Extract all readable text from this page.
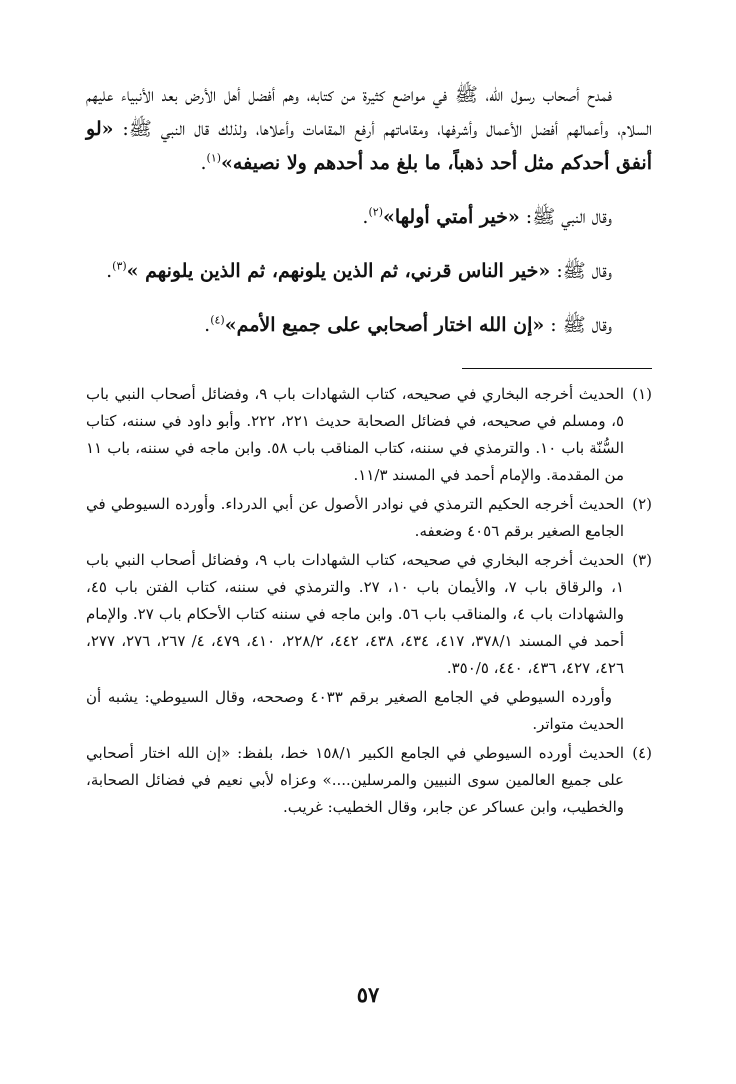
فمدح أصحاب رسول الله، ﷺ في مواضع كثيرة من كتابه، وهم أفضل أهل الأرض بعد الأنبياء عليهم السلام، وأعمالهم أفضل الأعمال وأشرفها، ومقاماتهم أرفع المقامات وأعلاها، ولذلك قال النبي ﷺ: «لو أنفق أحدكم مثل أحد ذهباً، ما بلغ مد أحدهم ولا نصيفه»$^{(١)}$.

وقال النبي ﷺ: «خير أمتي أولها»$^{(٢)}$.

وقال ﷺ: «خير الناس قرني، ثم الذين يلونهم، ثم الذين يلونهم »$^{(٣)}$.

وقال ﷺ : «إن الله اختار أصحابي على جميع الأمم»$^{(٤)}$.

(١)الحديث أخرجه البخاري في صحيحه، كتاب الشهادات باب ٩، وفضائل أصحاب النبي باب ٥، ومسلم في صحيحه، في فضائل الصحابة حديث ٢٢١، ٢٢٢. وأبو داود في سننه، كتاب السُّنّة باب ١٠. والترمذي في سننه، كتاب المناقب باب ٥٨. وابن ماجه في سننه، باب ١١ من المقدمة. والإمام أحمد في المسند ١١/٣.

(٢)الحديث أخرجه الحكيم الترمذي في نوادر الأصول عن أبي الدرداء. وأورده السيوطي في الجامع الصغير برقم ٤٠٥٦ وضعفه.

(٣)الحديث أخرجه البخاري في صحيحه، كتاب الشهادات باب ٩، وفضائل أصحاب النبي باب ١، والرقاق باب ٧، والأيمان باب ١٠، ٢٧. والترمذي في سننه، كتاب الفتن باب ٤٥، والشهادات باب ٤، والمناقب باب ٥٦. وابن ماجه في سننه كتاب الأحكام باب ٢٧. والإمام أحمد في المسند ٣٧٨/١، ٤١٧، ٤٣٤، ٤٣٨، ٤٤٢، ٢٢٨/٢، ٤١٠، ٤٧٩، ٤/ ٢٦٧، ٢٧٦، ٢٧٧، ٤٢٦، ٤٢٧، ٤٣٦، ٤٤٠، ٣٥٠/٥.

وأورده السيوطي في الجامع الصغير برقم ٤٠٣٣ وصححه، وقال السيوطي: يشبه أن الحديث متواتر.

(٤)الحديث أورده السيوطي في الجامع الكبير ١٥٨/١ خط، بلفظ: «إن الله اختار أصحابي على جميع العالمين سوى النبيين والمرسلين....» وعزاه لأبي نعيم في فضائل الصحابة، والخطيب، وابن عساكر عن جابر، وقال الخطيب: غريب.

٥٧
